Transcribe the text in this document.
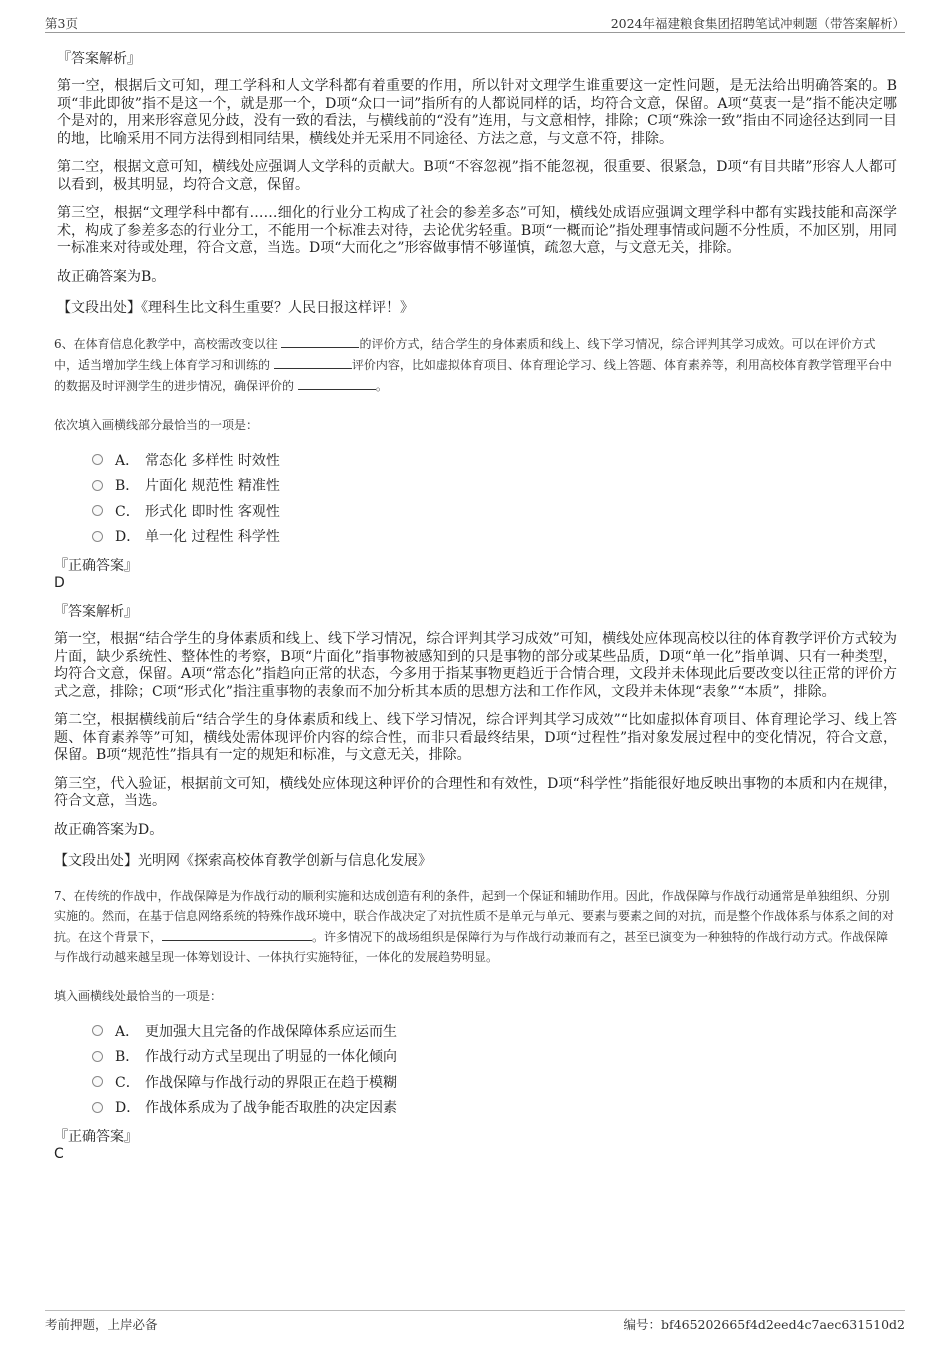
第3页	2024年福建粮食集团招聘笔试冲刺题（带答案解析）
『答案解析』

第一空，根据后文可知，理工学科和人文学科都有着重要的作用，所以针对文理学生谁重要这一定性问题，是无法给出明确答案的。B项“非此即彼”指不是这一个，就是那一个，D项“众口一词”指所有的人都说同样的话，均符合文意，保留。A项“莫衷一是”指不能决定哪个是对的，用来形容意见分歧，没有一致的看法，与横线前的“没有”连用，与文意相悖，排除；C项“殊涂一致”指由不同途径达到同一目的地，比喻采用不同方法得到相同结果，横线处并无采用不同途径、方法之意，与文意不符，排除。

第二空，根据文意可知，横线处应强调人文学科的贡献大。B项“不容忽视”指不能忽视，很重要、很紧急，D项“有目共睹”形容人人都可以看到，极其明显，均符合文意，保留。

第三空，根据“文理学科中都有……细化的行业分工构成了社会的参差多态”可知，横线处成语应强调文理学科中都有实践技能和高深学术，构成了参差多态的行业分工，不能用一个标准去对待，去论优劣轻重。B项“一概而论”指处理事情或问题不分性质，不加区别，用同一标准来对待或处理，符合文意，当选。D项“大而化之”形容做事情不够谨慎，疏忽大意，与文意无关，排除。

故正确答案为B。

【文段出处】《理科生比文科生重要？人民日报这样评！》

6、在体育信息化教学中，高校需改变以往	的评价方式，结合学生的身体素质和线上、线下学习情况，综合评判其学习成效。可以在评价方式中，适当增加学生线上体育学习和训练的	评价内容，比如虚拟体育项目、体育理论学习、线上答题、体育素养等，利用高校体育教学管理平台中的数据及时评测学生的进步情况，确保评价的	。

依次填入画横线部分最恰当的一项是：
A． 常态化 多样性 时效性
B． 片面化 规范性 精准性
C． 形式化 即时性 客观性
D． 单一化 过程性 科学性
『正确答案』
D
『答案解析』

第一空，根据“结合学生的身体素质和线上、线下学习情况，综合评判其学习成效”可知，横线处应体现高校以往的体育教学评价方式较为片面，缺少系统性、整体性的考察，B项“片面化”指事物被感知到的只是事物的部分或某些品质，D项“单一化”指单调、只有一种类型，均符合文意，保留。A项“常态化”指趋向正常的状态，今多用于指某事物更趋近于合情合理，文段并未体现此后要改变以往正常的评价方式之意，排除；C项“形式化”指注重事物的表象而不加分析其本质的思想方法和工作作风，文段并未体现“表象”“本质”，排除。

第二空，根据横线前后“结合学生的身体素质和线上、线下学习情况，综合评判其学习成效”“比如虚拟体育项目、体育理论学习、线上答题、体育素养等”可知，横线处需体现评价内容的综合性，而非只看最终结果，D项“过程性”指对象发展过程中的变化情况，符合文意，保留。B项“规范性”指具有一定的规矩和标准，与文意无关，排除。

第三空，代入验证，根据前文可知，横线处应体现这种评价的合理性和有效性，D项“科学性”指能很好地反映出事物的本质和内在规律，符合文意，当选。

故正确答案为D。

【文段出处】光明网《探索高校体育教学创新与信息化发展》

7、在传统的作战中，作战保障是为作战行动的顺利实施和达成创造有利的条件，起到一个保证和辅助作用。因此，作战保障与作战行动通常是单独组织、分别实施的。然而，在基于信息网络系统的特殊作战环境中，联合作战决定了对抗性质不是单元与单元、要素与要素之间的对抗，而是整个作战体系与体系之间的对抗。在这个背景下，	。许多情况下的战场组织是保障行为与作战行动兼而有之，甚至已演变为一种独特的作战行动方式。作战保障与作战行动越来越呈现一体筹划设计、一体执行实施特征，一体化的发展趋势明显。

填入画横线处最恰当的一项是：
A． 更加强大且完备的作战保障体系应运而生
B． 作战行动方式呈现出了明显的一体化倾向
C． 作战保障与作战行动的界限正在趋于模糊
D． 作战体系成为了战争能否取胜的决定因素
『正确答案』
C
考前押题，上岸必备	编号：bf465202665f4d2eed4c7aec631510d2
